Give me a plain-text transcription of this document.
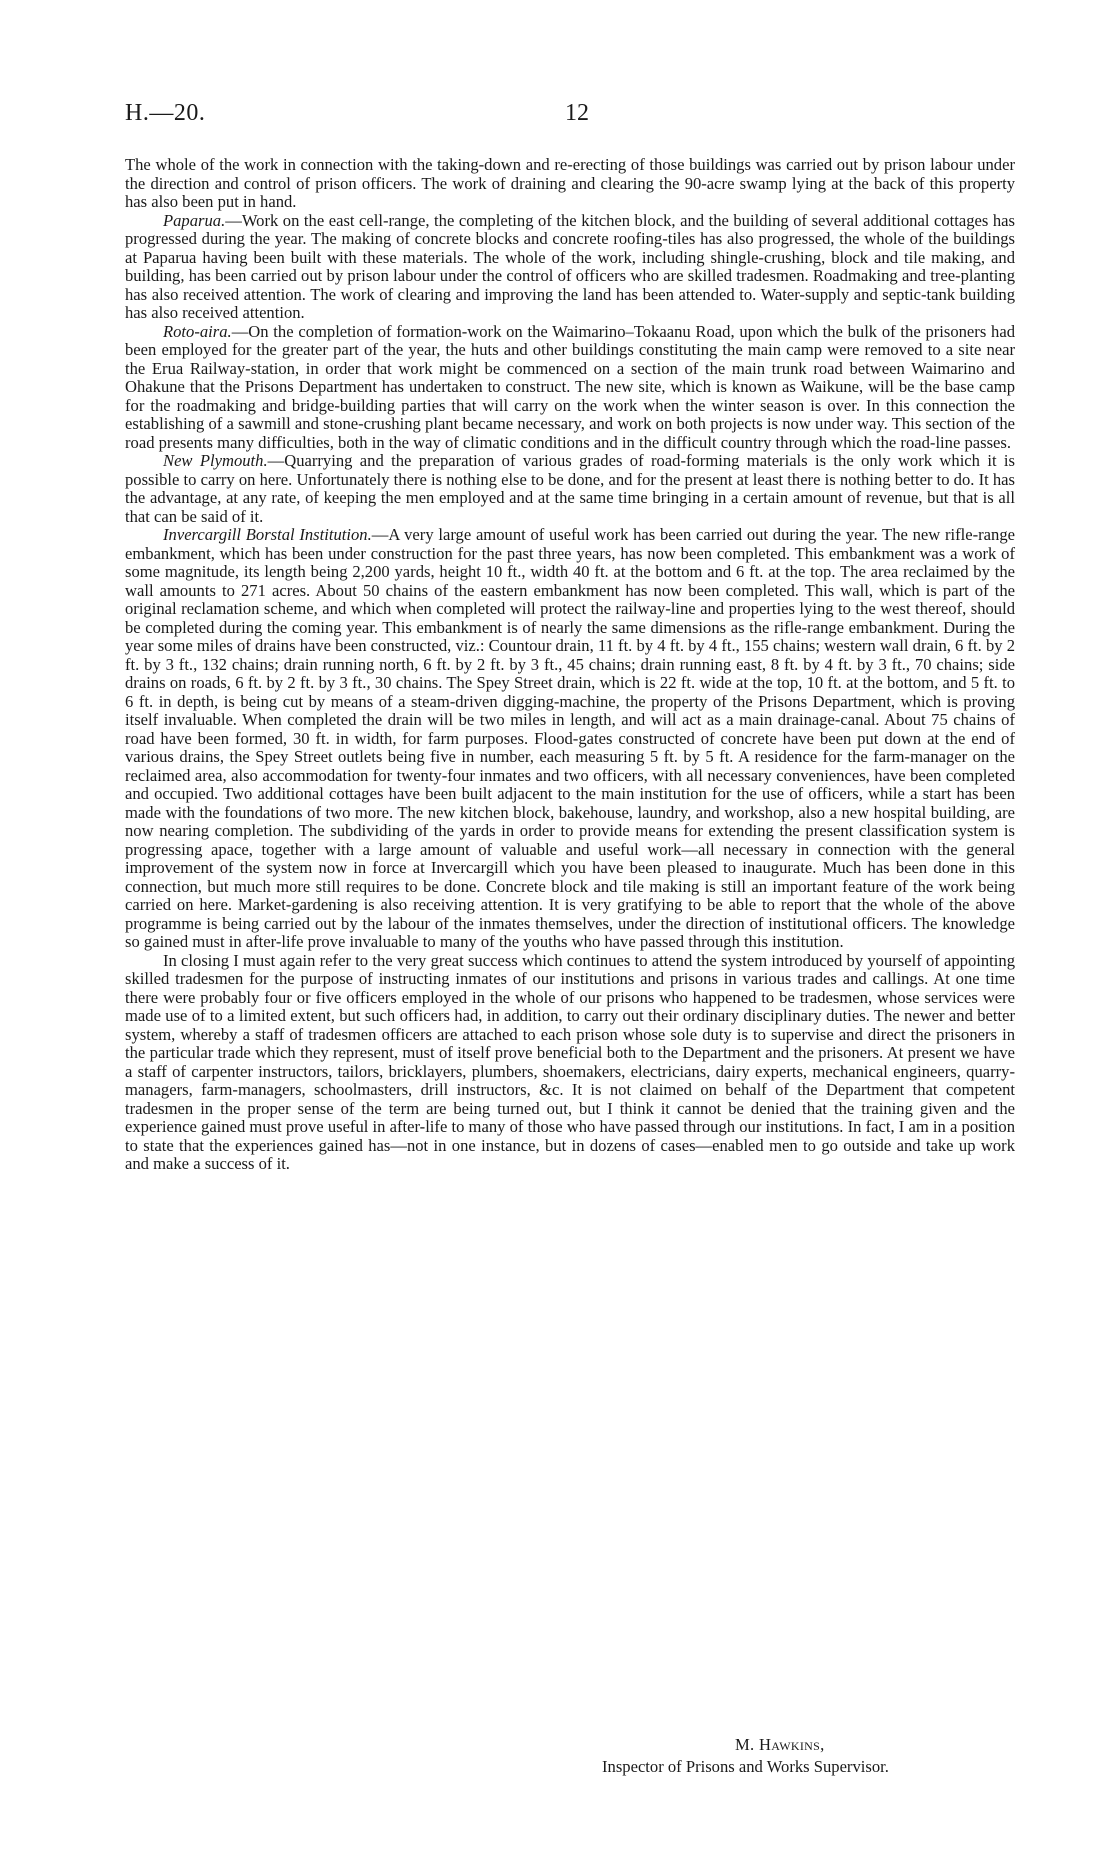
H.—20.	12

The whole of the work in connection with the taking-down and re-erecting of those buildings was carried out by prison labour under the direction and control of prison officers. The work of draining and clearing the 90-acre swamp lying at the back of this property has also been put in hand.

Paparua.—Work on the east cell-range, the completing of the kitchen block, and the building of several additional cottages has progressed during the year. The making of concrete blocks and concrete roofing-tiles has also progressed, the whole of the buildings at Paparua having been built with these materials. The whole of the work, including shingle-crushing, block and tile making, and building, has been carried out by prison labour under the control of officers who are skilled tradesmen. Roadmaking and tree-planting has also received attention. The work of clearing and improving the land has been attended to. Water-supply and septic-tank building has also received attention.

Roto-aira.—On the completion of formation-work on the Waimarino–Tokaanu Road, upon which the bulk of the prisoners had been employed for the greater part of the year, the huts and other buildings constituting the main camp were removed to a site near the Erua Railway-station, in order that work might be commenced on a section of the main trunk road between Waimarino and Ohakune that the Prisons Department has undertaken to construct. The new site, which is known as Waikune, will be the base camp for the roadmaking and bridge-building parties that will carry on the work when the winter season is over. In this connection the establishing of a sawmill and stone-crushing plant became necessary, and work on both projects is now under way. This section of the road presents many difficulties, both in the way of climatic conditions and in the difficult country through which the road-line passes.

New Plymouth.—Quarrying and the preparation of various grades of road-forming materials is the only work which it is possible to carry on here. Unfortunately there is nothing else to be done, and for the present at least there is nothing better to do. It has the advantage, at any rate, of keeping the men employed and at the same time bringing in a certain amount of revenue, but that is all that can be said of it.

Invercargill Borstal Institution.—A very large amount of useful work has been carried out during the year. The new rifle-range embankment, which has been under construction for the past three years, has now been completed. This embankment was a work of some magnitude, its length being 2,200 yards, height 10 ft., width 40 ft. at the bottom and 6 ft. at the top. The area reclaimed by the wall amounts to 271 acres. About 50 chains of the eastern embankment has now been completed. This wall, which is part of the original reclamation scheme, and which when completed will protect the railway-line and properties lying to the west thereof, should be completed during the coming year. This embankment is of nearly the same dimensions as the rifle-range embankment. During the year some miles of drains have been constructed, viz.: Countour drain, 11 ft. by 4 ft. by 4 ft., 155 chains; western wall drain, 6 ft. by 2 ft. by 3 ft., 132 chains; drain running north, 6 ft. by 2 ft. by 3 ft., 45 chains; drain running east, 8 ft. by 4 ft. by 3 ft., 70 chains; side drains on roads, 6 ft. by 2 ft. by 3 ft., 30 chains. The Spey Street drain, which is 22 ft. wide at the top, 10 ft. at the bottom, and 5 ft. to 6 ft. in depth, is being cut by means of a steam-driven digging-machine, the property of the Prisons Department, which is proving itself invaluable. When completed the drain will be two miles in length, and will act as a main drainage-canal. About 75 chains of road have been formed, 30 ft. in width, for farm purposes. Flood-gates constructed of concrete have been put down at the end of various drains, the Spey Street outlets being five in number, each measuring 5 ft. by 5 ft. A residence for the farm-manager on the reclaimed area, also accommodation for twenty-four inmates and two officers, with all necessary conveniences, have been completed and occupied. Two additional cottages have been built adjacent to the main institution for the use of officers, while a start has been made with the foundations of two more. The new kitchen block, bakehouse, laundry, and workshop, also a new hospital building, are now nearing completion. The subdividing of the yards in order to provide means for extending the present classification system is progressing apace, together with a large amount of valuable and useful work—all necessary in connection with the general improvement of the system now in force at Invercargill which you have been pleased to inaugurate. Much has been done in this connection, but much more still requires to be done. Concrete block and tile making is still an important feature of the work being carried on here. Market-gardening is also receiving attention. It is very gratifying to be able to report that the whole of the above programme is being carried out by the labour of the inmates themselves, under the direction of institutional officers. The knowledge so gained must in after-life prove invaluable to many of the youths who have passed through this institution.

In closing I must again refer to the very great success which continues to attend the system introduced by yourself of appointing skilled tradesmen for the purpose of instructing inmates of our institutions and prisons in various trades and callings. At one time there were probably four or five officers employed in the whole of our prisons who happened to be tradesmen, whose services were made use of to a limited extent, but such officers had, in addition, to carry out their ordinary disciplinary duties. The newer and better system, whereby a staff of tradesmen officers are attached to each prison whose sole duty is to supervise and direct the prisoners in the particular trade which they represent, must of itself prove beneficial both to the Department and the prisoners. At present we have a staff of carpenter instructors, tailors, bricklayers, plumbers, shoemakers, electricians, dairy experts, mechanical engineers, quarry-managers, farm-managers, schoolmasters, drill instructors, &c. It is not claimed on behalf of the Department that competent tradesmen in the proper sense of the term are being turned out, but I think it cannot be denied that the training given and the experience gained must prove useful in after-life to many of those who have passed through our institutions. In fact, I am in a position to state that the experiences gained has—not in one instance, but in dozens of cases—enabled men to go outside and take up work and make a success of it.

M. Hawkins,
Inspector of Prisons and Works Supervisor.
